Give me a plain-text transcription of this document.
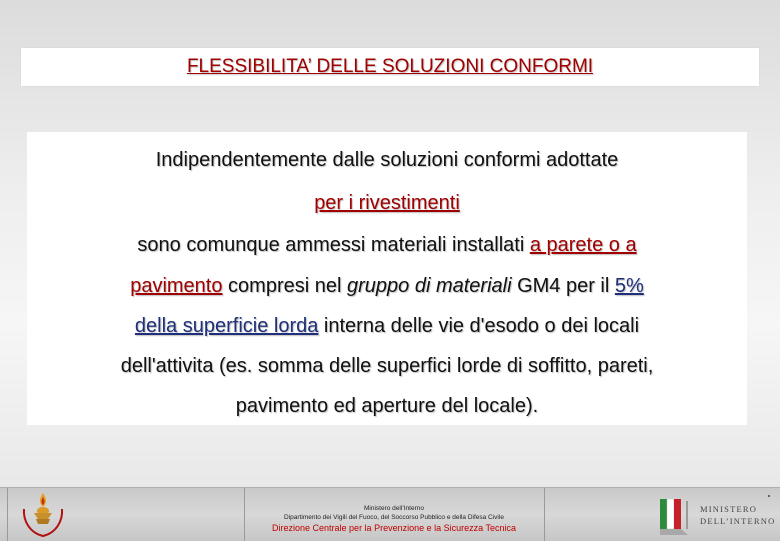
FLESSIBILITA’ DELLE SOLUZIONI CONFORMI
Indipendentemente dalle soluzioni conformi adottate
per i rivestimenti
sono comunque ammessi materiali installati a parete o a
pavimento compresi nel gruppo di materiali GM4 per il 5%
della superficie lorda interna delle vie d'esodo o dei locali
dell'attivita (es. somma delle superfici lorde di soffitto, pareti,
pavimento ed aperture del locale).
Ministero dell’Interno
Dipartimento dei Vigili del Fuoco, del Soccorso Pubblico e della Difesa Civile
Direzione Centrale per la Prevenzione e la Sicurezza Tecnica
MINISTERO
DELL’INTERNO
